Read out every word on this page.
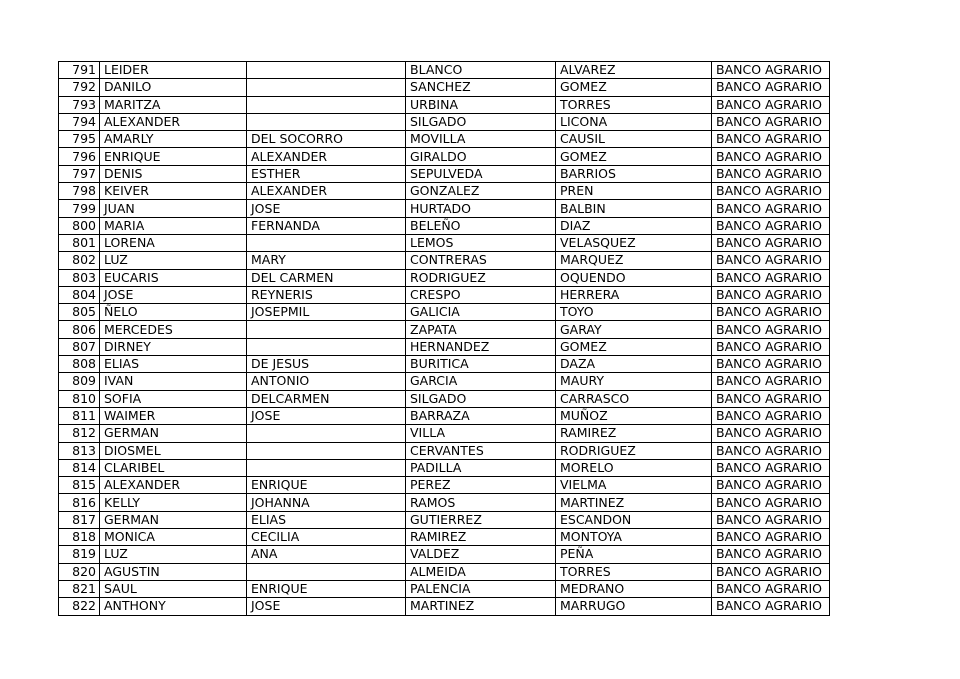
791	LEIDER		BLANCO	ALVAREZ	BANCO AGRARIO
792	DANILO		SANCHEZ	GOMEZ	BANCO AGRARIO
793	MARITZA		URBINA	TORRES	BANCO AGRARIO
794	ALEXANDER		SILGADO	LICONA	BANCO AGRARIO
795	AMARLY	DEL SOCORRO	MOVILLA	CAUSIL	BANCO AGRARIO
796	ENRIQUE	ALEXANDER	GIRALDO	GOMEZ	BANCO AGRARIO
797	DENIS	ESTHER	SEPULVEDA	BARRIOS	BANCO AGRARIO
798	KEIVER	ALEXANDER	GONZALEZ	PREN	BANCO AGRARIO
799	JUAN	JOSE	HURTADO	BALBIN	BANCO AGRARIO
800	MARIA	FERNANDA	BELEÑO	DIAZ	BANCO AGRARIO
801	LORENA		LEMOS	VELASQUEZ	BANCO AGRARIO
802	LUZ	MARY	CONTRERAS	MARQUEZ	BANCO AGRARIO
803	EUCARIS	DEL CARMEN	RODRIGUEZ	OQUENDO	BANCO AGRARIO
804	JOSE	REYNERIS	CRESPO	HERRERA	BANCO AGRARIO
805	ÑELO	JOSEPMIL	GALICIA	TOYO	BANCO AGRARIO
806	MERCEDES		ZAPATA	GARAY	BANCO AGRARIO
807	DIRNEY		HERNANDEZ	GOMEZ	BANCO AGRARIO
808	ELIAS	DE JESUS	BURITICA	DAZA	BANCO AGRARIO
809	IVAN	ANTONIO	GARCIA	MAURY	BANCO AGRARIO
810	SOFIA	DELCARMEN	SILGADO	CARRASCO	BANCO AGRARIO
811	WAIMER	JOSE	BARRAZA	MUÑOZ	BANCO AGRARIO
812	GERMAN		VILLA	RAMIREZ	BANCO AGRARIO
813	DIOSMEL		CERVANTES	RODRIGUEZ	BANCO AGRARIO
814	CLARIBEL		PADILLA	MORELO	BANCO AGRARIO
815	ALEXANDER	ENRIQUE	PEREZ	VIELMA	BANCO AGRARIO
816	KELLY	JOHANNA	RAMOS	MARTINEZ	BANCO AGRARIO
817	GERMAN	ELIAS	GUTIERREZ	ESCANDON	BANCO AGRARIO
818	MONICA	CECILIA	RAMIREZ	MONTOYA	BANCO AGRARIO
819	LUZ	ANA	VALDEZ	PEÑA	BANCO AGRARIO
820	AGUSTIN		ALMEIDA	TORRES	BANCO AGRARIO
821	SAUL	ENRIQUE	PALENCIA	MEDRANO	BANCO AGRARIO
822	ANTHONY	JOSE	MARTINEZ	MARRUGO	BANCO AGRARIO
